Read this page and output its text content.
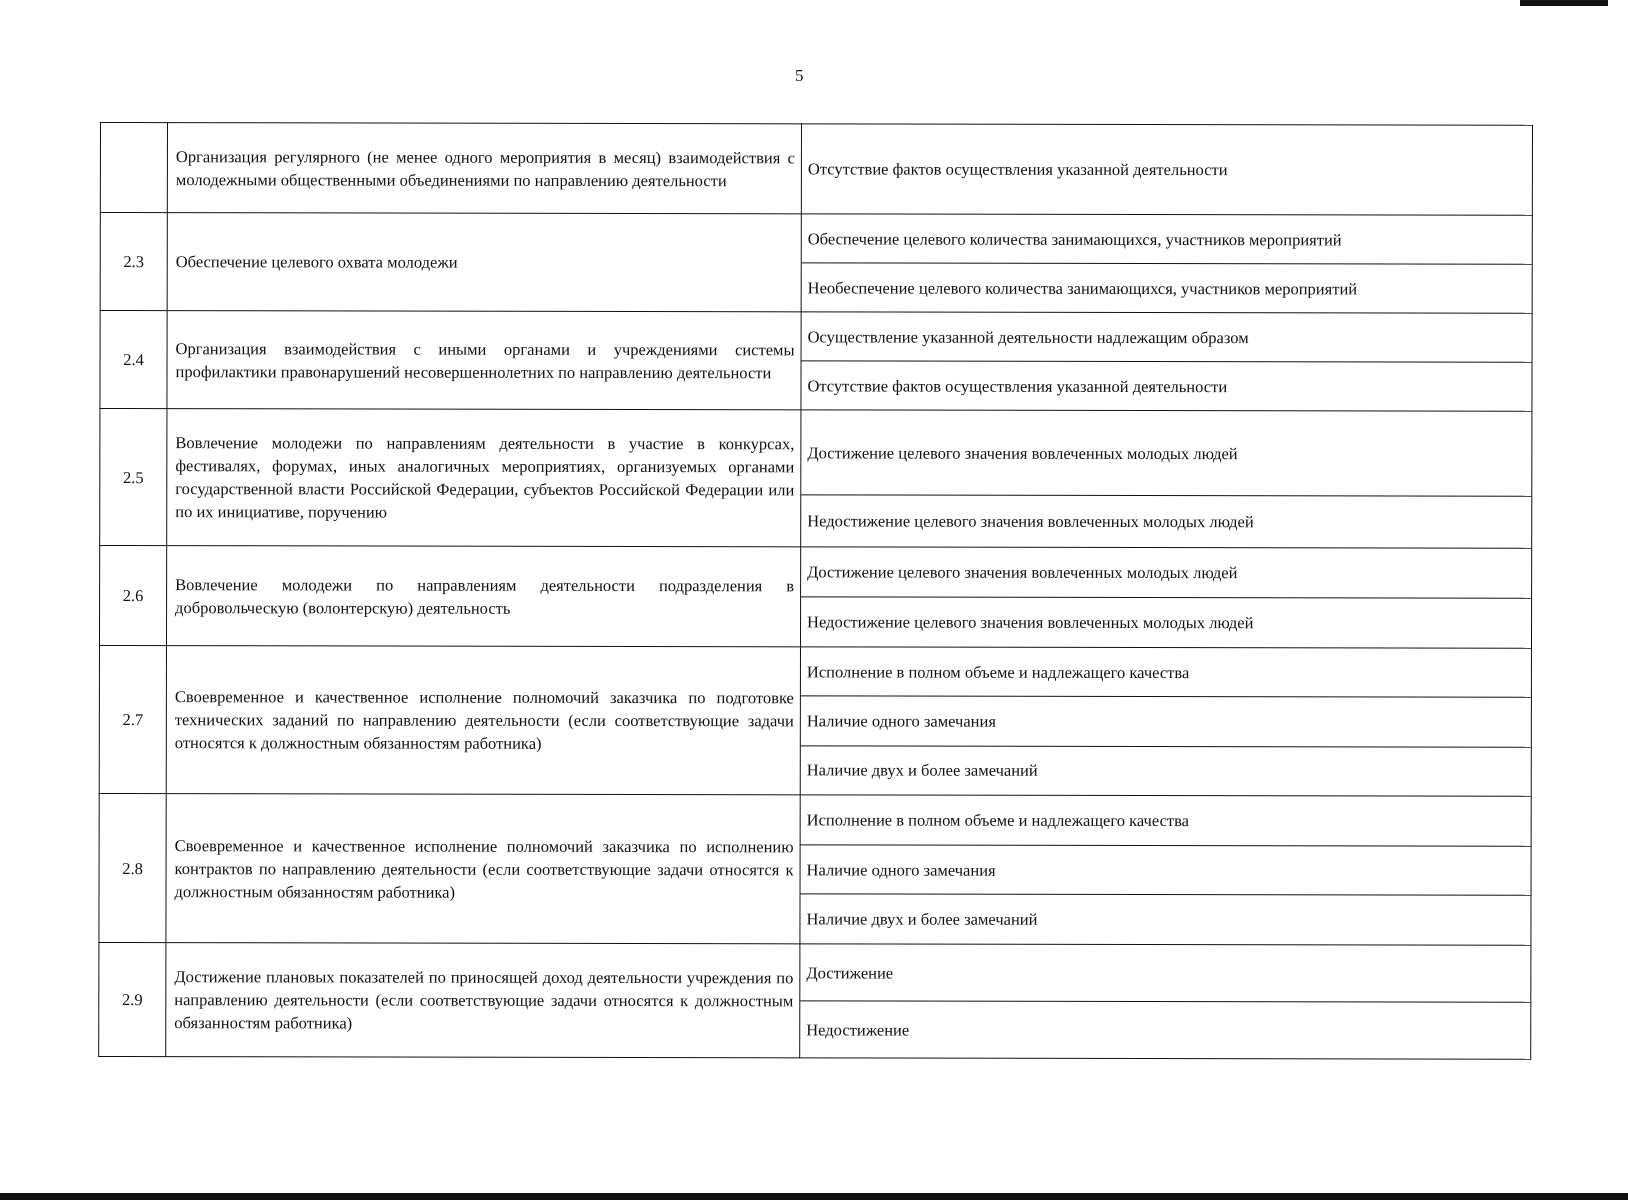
5

	Организация регулярного (не менее одного мероприятия в месяц) взаимодействия с молодежными общественными объединениями по направлению деятельности	Отсутствие фактов осуществления указанной деятельности

2.3	Обеспечение целевого охвата молодежи	Обеспечение целевого количества занимающихся, участников мероприятий
Необеспечение целевого количества занимающихся, участников мероприятий

2.4	Организация взаимодействия с иными органами и учреждениями системы профилактики правонарушений несовершеннолетних по направлению деятельности	Осуществление указанной деятельности надлежащим образом
Отсутствие фактов осуществления указанной деятельности

2.5	Вовлечение молодежи по направлениям деятельности в участие в конкурсах, фестивалях, форумах, иных аналогичных мероприятиях, организуемых органами государственной власти Российской Федерации, субъектов Российской Федерации или по их инициативе, поручению	Достижение целевого значения вовлеченных молодых людей
Недостижение целевого значения вовлеченных молодых людей

2.6	Вовлечение молодежи по направлениям деятельности подразделения в добровольческую (волонтерскую) деятельность	Достижение целевого значения вовлеченных молодых людей
Недостижение целевого значения вовлеченных молодых людей

2.7	Своевременное и качественное исполнение полномочий заказчика по подготовке технических заданий по направлению деятельности (если соответствующие задачи относятся к должностным обязанностям работника)	Исполнение в полном объеме и надлежащего качества
Наличие одного замечания
Наличие двух и более замечаний

2.8	Своевременное и качественное исполнение полномочий заказчика по исполнению контрактов по направлению деятельности (если соответствующие задачи относятся к должностным обязанностям работника)	Исполнение в полном объеме и надлежащего качества
Наличие одного замечания
Наличие двух и более замечаний

2.9	Достижение плановых показателей по приносящей доход деятельности учреждения по направлению деятельности (если соответствующие задачи относятся к должностным обязанностям работника)	Достижение
Недостижение
